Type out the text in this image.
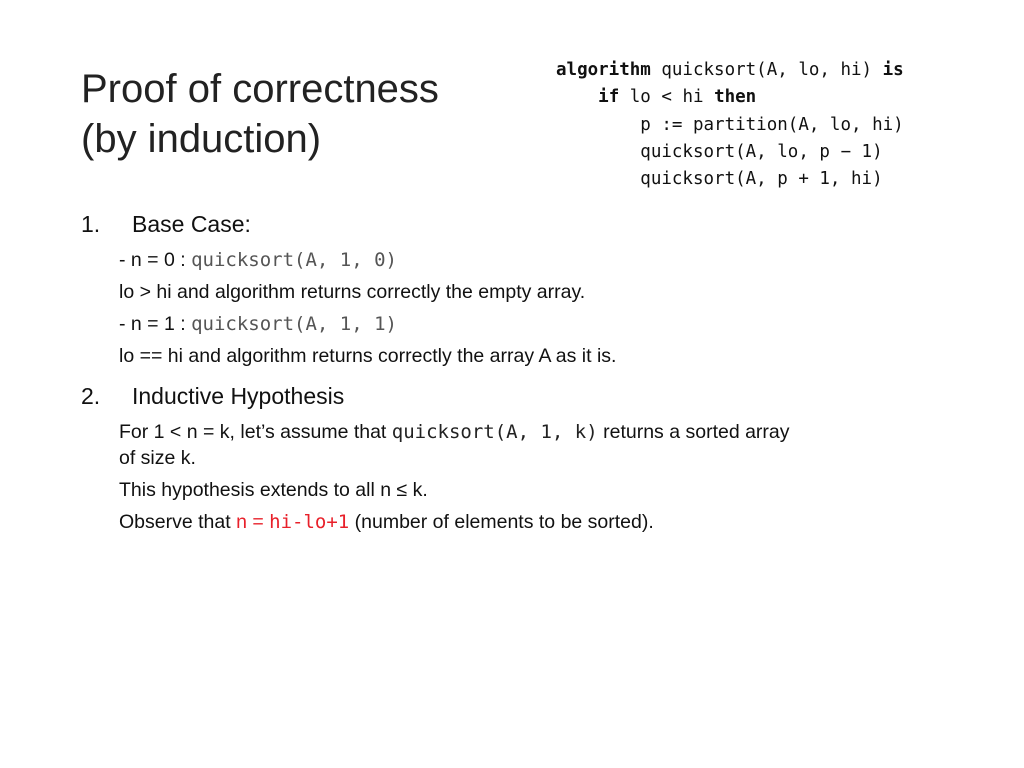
Proof of correctness
(by induction)
algorithm quicksort(A, lo, hi) is
if lo < hi then
p := partition(A, lo, hi)
quicksort(A, lo, p − 1)
quicksort(A, p + 1, hi)
1. Base Case:
- n = 0 : quicksort(A, 1, 0)
lo > hi and algorithm returns correctly the empty array.
- n = 1 : quicksort(A, 1, 1)
lo == hi and algorithm returns correctly the array A as it is.
2. Inductive Hypothesis
For 1 < n = k, let’s assume that quicksort(A, 1, k) returns a sorted array
of size k.
This hypothesis extends to all n ≤ k.
Observe that n = hi-lo+1 (number of elements to be sorted).
